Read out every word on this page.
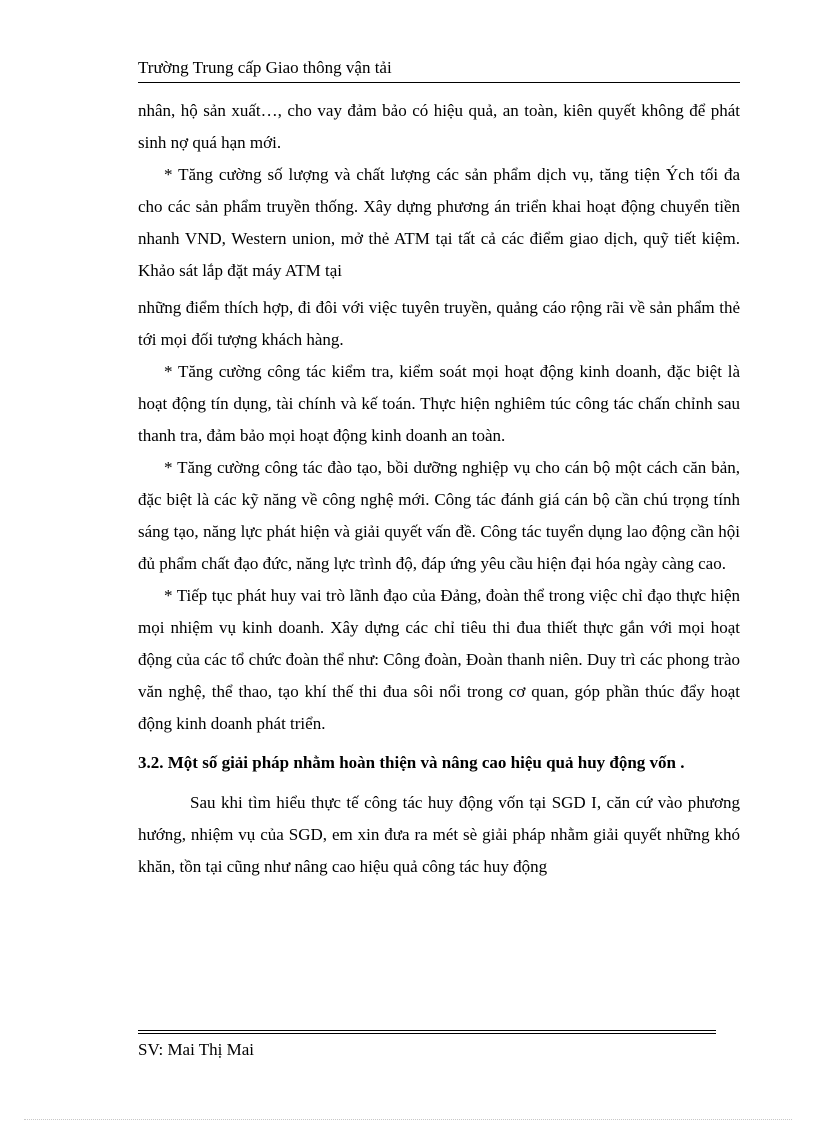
Trường Trung cấp Giao thông vận tải

nhân, hộ sản xuất…, cho vay đảm bảo có hiệu quả, an toàn, kiên quyết không để phát sinh nợ quá hạn mới.

* Tăng cường số lượng và chất lượng các sản phẩm dịch vụ, tăng tiện Ých tối đa cho các sản phẩm truyền thống. Xây dựng phương án triển khai hoạt động chuyển tiền nhanh VND, Western union, mở thẻ ATM tại tất cả các điểm giao dịch, quỹ tiết kiệm. Khảo sát lắp đặt máy ATM tại

những điểm thích hợp, đi đôi với việc tuyên truyền, quảng cáo rộng rãi về sản phẩm thẻ tới mọi đối tượng khách hàng.

* Tăng cường công tác kiểm tra, kiểm soát mọi hoạt động kinh doanh, đặc biệt là hoạt động tín dụng, tài chính và kế toán. Thực hiện nghiêm túc công tác chấn chỉnh sau thanh tra, đảm bảo mọi hoạt động kinh doanh an toàn.

* Tăng cường công tác đào tạo, bồi dưỡng nghiệp vụ cho cán bộ một cách căn bản, đặc biệt là các kỹ năng về công nghệ mới. Công tác đánh giá cán bộ cần chú trọng tính sáng tạo, năng lực phát hiện và giải quyết vấn đề. Công tác tuyển dụng lao động cần hội đủ phẩm chất đạo đức, năng lực trình độ, đáp ứng yêu cầu hiện đại hóa ngày càng cao.

* Tiếp tục phát huy vai trò lãnh đạo của Đảng, đoàn thể trong việc chỉ đạo thực hiện mọi nhiệm vụ kinh doanh. Xây dựng các chỉ tiêu thi đua thiết thực gắn với mọi hoạt động của các tổ chức đoàn thể như: Công đoàn, Đoàn thanh niên. Duy trì các phong trào văn nghệ, thể thao, tạo khí thế thi đua sôi nổi trong cơ quan, góp phần thúc đẩy hoạt động kinh doanh phát triển.

3.2. Một số giải pháp nhằm hoàn thiện và nâng cao hiệu quả huy động vốn .

Sau khi tìm hiểu thực tế công tác huy động vốn tại SGD I, căn cứ vào phương hướng, nhiệm vụ của SGD, em xin đưa ra mét sè giải pháp nhằm giải quyết những khó khăn, tồn tại cũng như nâng cao hiệu quả công tác huy động

SV: Mai Thị Mai
